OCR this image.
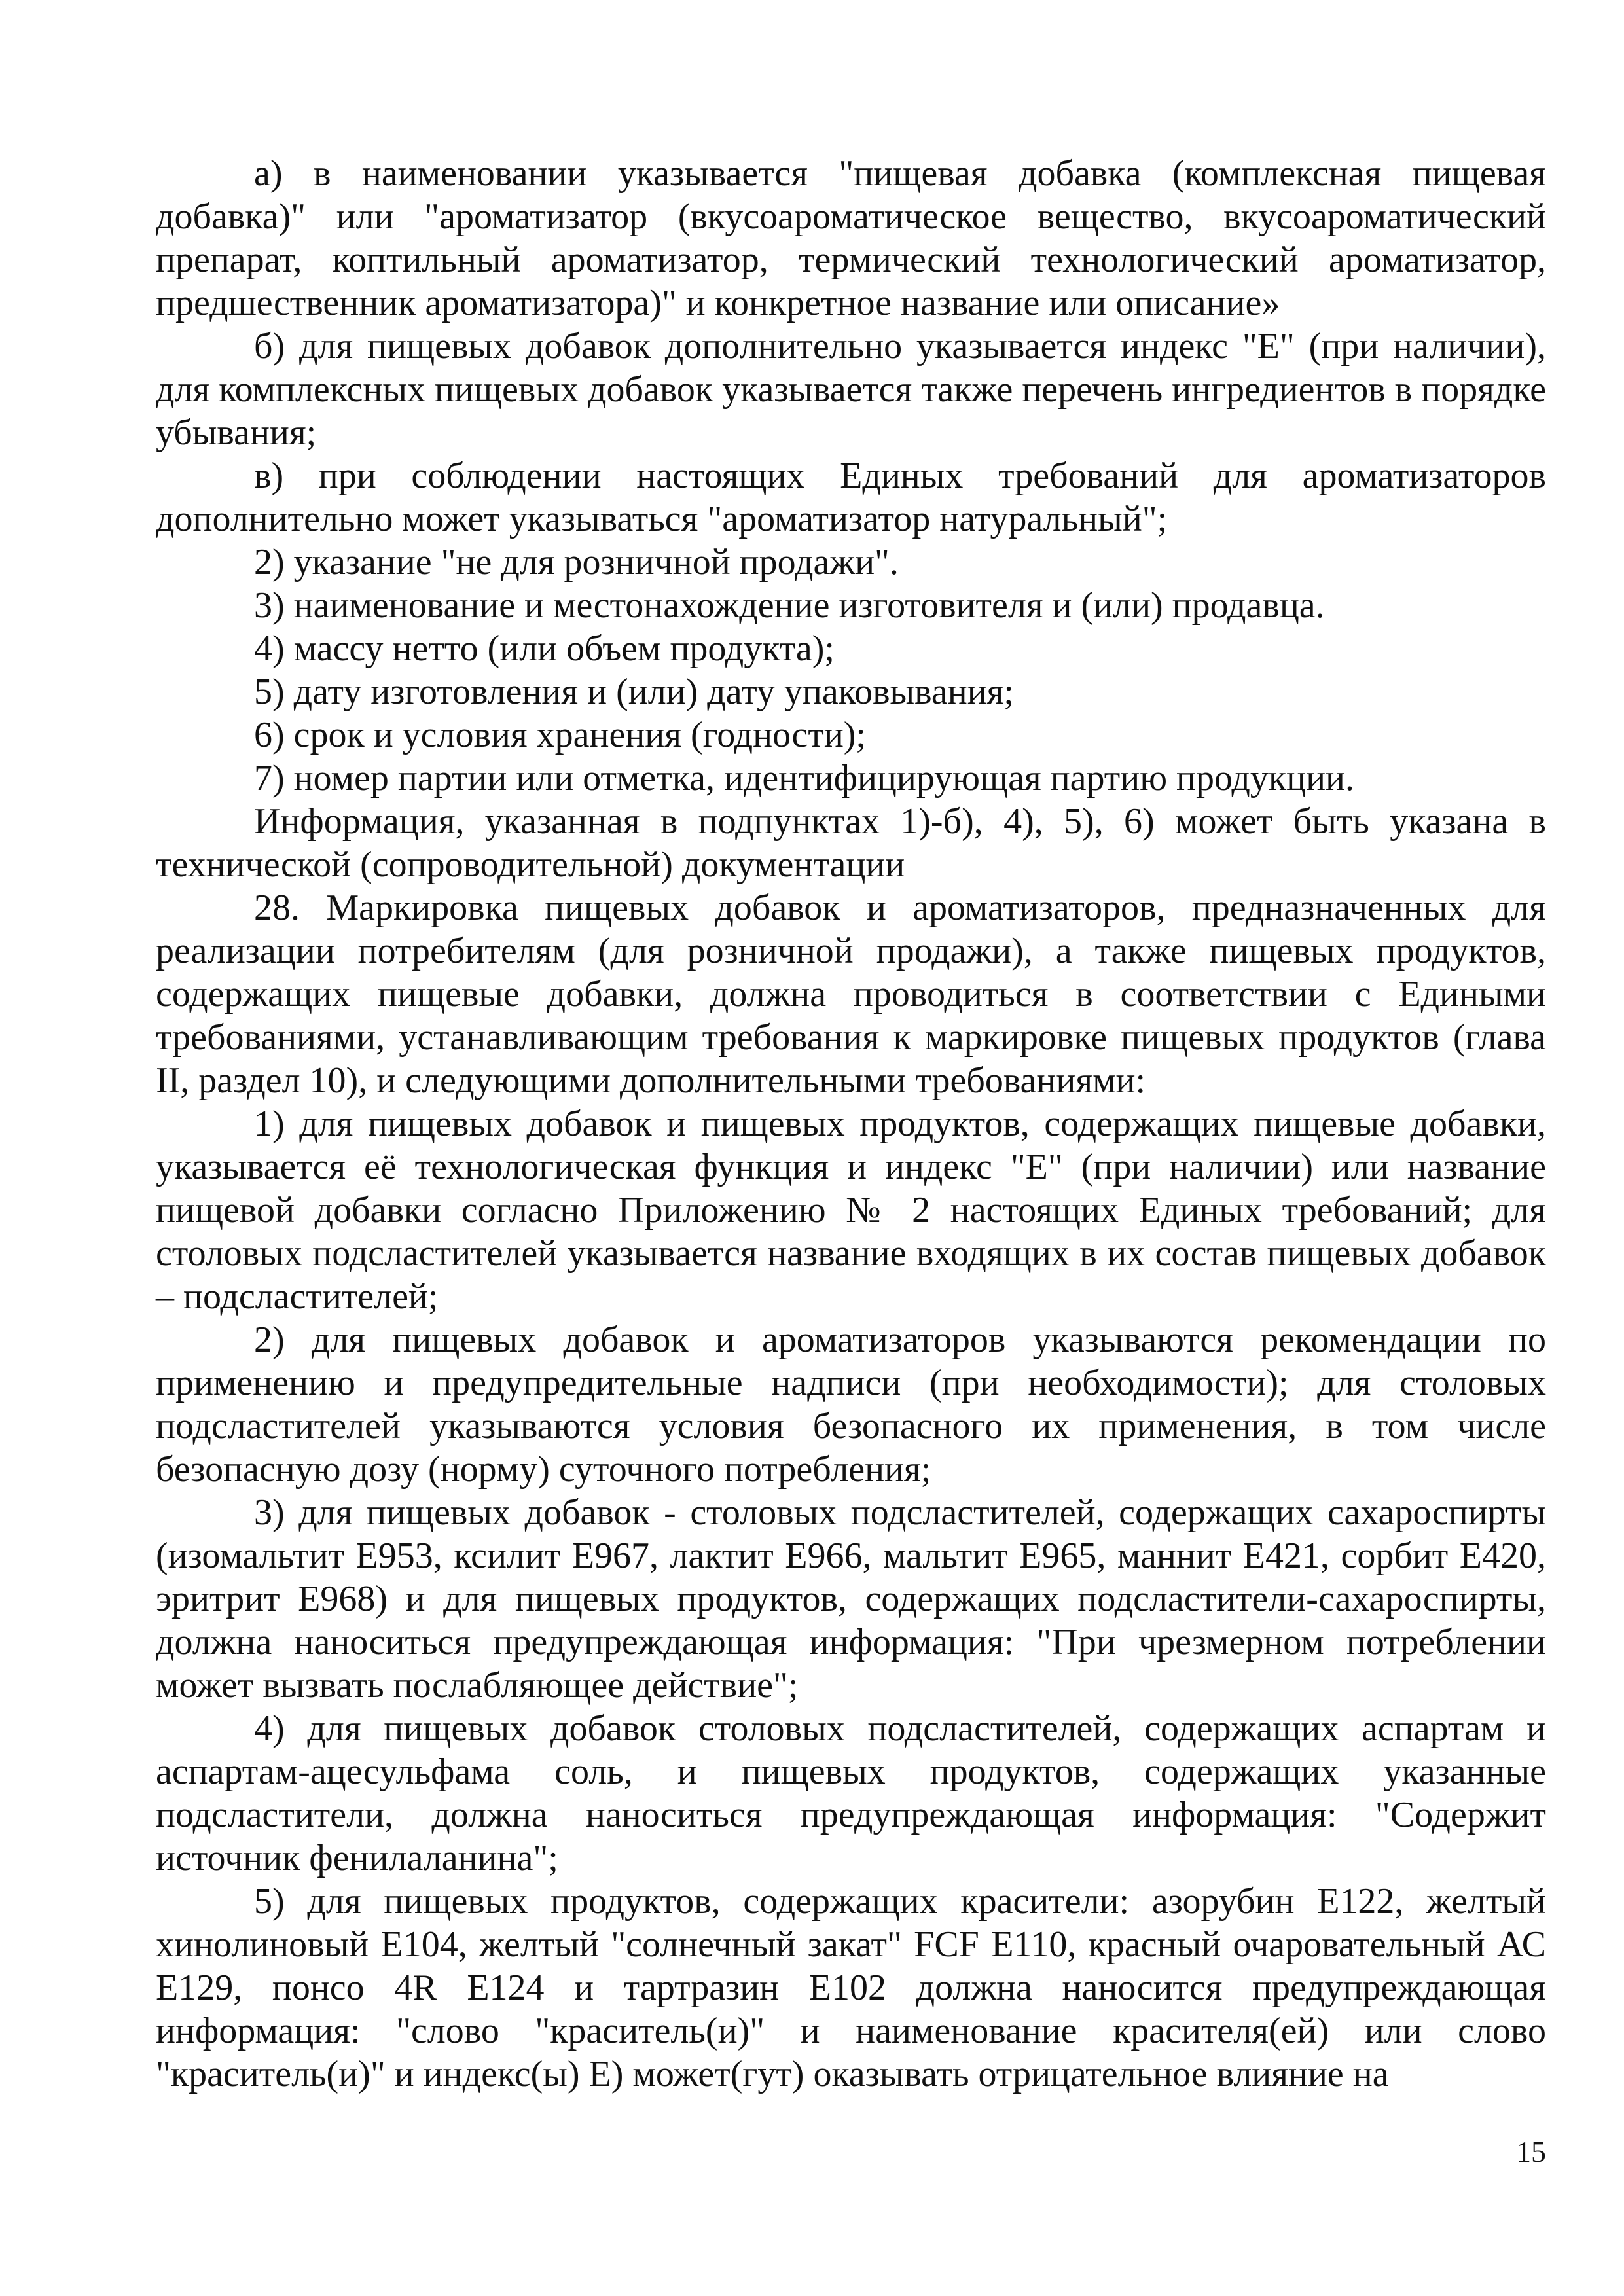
а) в наименовании указывается "пищевая добавка (комплексная пищевая добавка)" или "ароматизатор (вкусоароматическое вещество, вкусоароматический препарат, коптильный ароматизатор, термический технологический ароматизатор, предшественник ароматизатора)" и конкретное название или описание»

б) для пищевых добавок дополнительно указывается индекс "Е" (при наличии), для комплексных пищевых добавок указывается также перечень ингредиентов в порядке убывания;

в) при соблюдении настоящих Единых требований для ароматизаторов дополнительно может указываться "ароматизатор натуральный";

2) указание "не для розничной продажи".

3) наименование и местонахождение изготовителя и (или) продавца.

4) массу нетто (или объем продукта);

5) дату изготовления и (или) дату упаковывания;

6) срок и условия хранения (годности);

7) номер партии или отметка, идентифицирующая партию продукции.

Информация, указанная в подпунктах 1)-б), 4), 5), 6) может быть указана в технической (сопроводительной) документации

28. Маркировка пищевых добавок и ароматизаторов, предназначенных для реализации потребителям (для розничной продажи), а также пищевых продуктов, содержащих пищевые добавки, должна проводиться в соответствии с Едиными требованиями, устанавливающим требования к маркировке пищевых продуктов (глава II, раздел 10), и следующими дополнительными требованиями:

1) для пищевых добавок и пищевых продуктов, содержащих пищевые добавки, указывается её технологическая функция и индекс "Е" (при наличии) или название пищевой добавки согласно Приложению № 2 настоящих Единых требований; для столовых подсластителей указывается название входящих в их состав пищевых добавок – подсластителей;

2) для пищевых добавок и ароматизаторов указываются рекомендации по применению и предупредительные надписи (при необходимости); для столовых подсластителей указываются условия безопасного их применения, в том числе безопасную дозу (норму) суточного потребления;

3) для пищевых добавок - столовых подсластителей, содержащих сахароспирты (изомальтит Е953, ксилит Е967, лактит Е966, мальтит Е965, маннит Е421, сорбит Е420, эритрит Е968) и для пищевых продуктов, содержащих подсластители-сахароспирты, должна наноситься предупреждающая информация: "При чрезмерном потреблении может вызвать послабляющее действие";

4) для пищевых добавок столовых подсластителей, содержащих аспартам и аспартам-ацесульфама соль, и пищевых продуктов, содержащих указанные подсластители, должна наноситься предупреждающая информация: "Содержит источник фенилаланина";

5) для пищевых продуктов, содержащих красители: азорубин Е122, желтый хинолиновый Е104, желтый "солнечный закат" FCF Е110, красный очаровательный АС Е129, понсо 4R Е124 и тартразин Е102 должна наносится предупреждающая информация: "слово "краситель(и)" и наименование красителя(ей) или слово "краситель(и)" и индекс(ы) Е) может(гут) оказывать отрицательное влияние на

15
